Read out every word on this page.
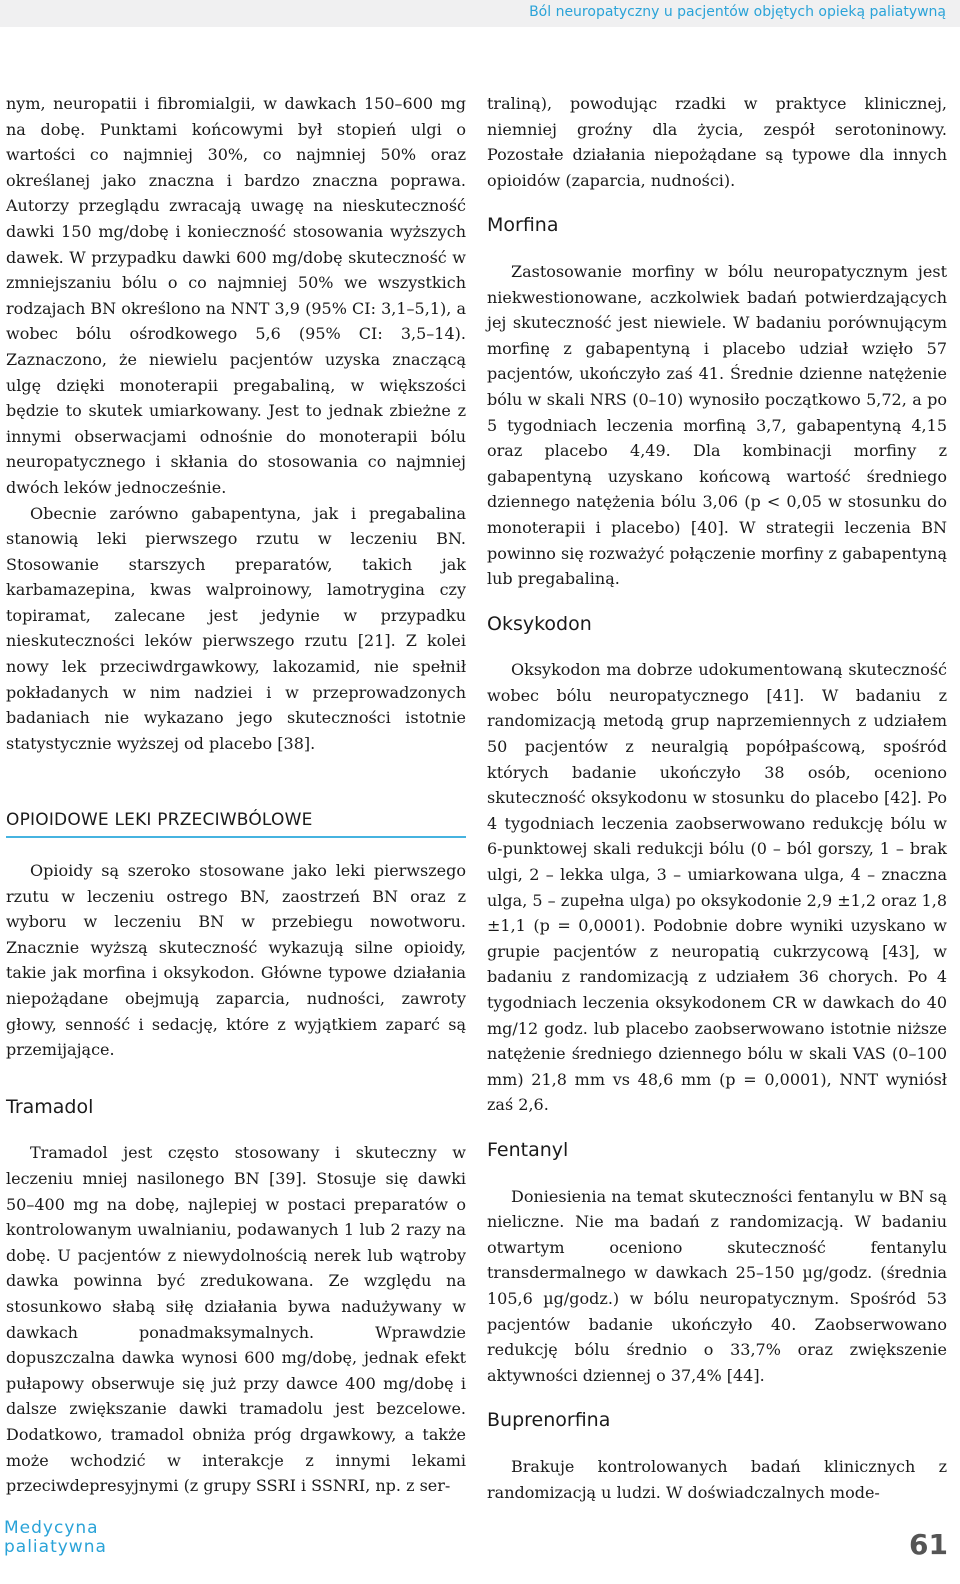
Ból neuropatyczny u pacjentów objętych opieką paliatywną

nym, neuropatii i fibromialgii, w dawkach 150–600 mg na dobę. Punktami końcowymi był stopień ulgi o wartości co najmniej 30%, co najmniej 50% oraz określanej jako znaczna i bardzo znaczna poprawa. Autorzy przeglądu zwracają uwagę na nieskuteczność dawki 150 mg/dobę i konieczność stosowania wyższych dawek. W przypadku dawki 600 mg/dobę skuteczność w zmniejszaniu bólu o co najmniej 50% we wszystkich rodzajach BN określono na NNT 3,9 (95% CI: 3,1–5,1), a wobec bólu ośrodkowego 5,6 (95% CI: 3,5–14). Zaznaczono, że niewielu pacjentów uzyska znaczącą ulgę dzięki monoterapii pregabaliną, w większości będzie to skutek umiarkowany. Jest to jednak zbieżne z innymi obserwacjami odnośnie do monoterapii bólu neuropatycznego i skłania do stosowania co najmniej dwóch leków jednocześnie.

Obecnie zarówno gabapentyna, jak i pregabalina stanowią leki pierwszego rzutu w leczeniu BN. Stosowanie starszych preparatów, takich jak karbamazepina, kwas walproinowy, lamotrygina czy topiramat, zalecane jest jedynie w przypadku nieskuteczności leków pierwszego rzutu [21]. Z kolei nowy lek przeciwdrgawkowy, lakozamid, nie spełnił pokładanych w nim nadziei i w przeprowadzonych badaniach nie wykazano jego skuteczności istotnie statystycznie wyższej od placebo [38].

OPIOIDOWE LEKI PRZECIWBÓLOWE

Opioidy są szeroko stosowane jako leki pierwszego rzutu w leczeniu ostrego BN, zaostrzeń BN oraz z wyboru w leczeniu BN w przebiegu nowotworu. Znacznie wyższą skuteczność wykazują silne opioidy, takie jak morfina i oksykodon. Główne typowe działania niepożądane obejmują zaparcia, nudności, zawroty głowy, senność i sedację, które z wyjątkiem zaparć są przemijające.

Tramadol

Tramadol jest często stosowany i skuteczny w leczeniu mniej nasilonego BN [39]. Stosuje się dawki 50–400 mg na dobę, najlepiej w postaci preparatów o kontrolowanym uwalnianiu, podawanych 1 lub 2 razy na dobę. U pacjentów z niewydolnością nerek lub wątroby dawka powinna być zredukowana. Ze względu na stosunkowo słabą siłę działania bywa nadużywany w dawkach ponadmaksymalnych. Wprawdzie dopuszczalna dawka wynosi 600 mg/dobę, jednak efekt pułapowy obserwuje się już przy dawce 400 mg/dobę i dalsze zwiększanie dawki tramadolu jest bezcelowe. Dodatkowo, tramadol obniża próg drgawkowy, a także może wchodzić w interakcje z innymi lekami przeciwdepresyjnymi (z grupy SSRI i SSNRI, np. z ser-

traliną), powodując rzadki w praktyce klinicznej, niemniej groźny dla życia, zespół serotoninowy. Pozostałe działania niepożądane są typowe dla innych opioidów (zaparcia, nudności).

Morfina

Zastosowanie morfiny w bólu neuropatycznym jest niekwestionowane, aczkolwiek badań potwierdzających jej skuteczność jest niewiele. W badaniu porównującym morfinę z gabapentyną i placebo udział wzięło 57 pacjentów, ukończyło zaś 41. Średnie dzienne natężenie bólu w skali NRS (0–10) wynosiło początkowo 5,72, a po 5 tygodniach leczenia morfiną 3,7, gabapentyną 4,15 oraz placebo 4,49. Dla kombinacji morfiny z gabapentyną uzyskano końcową wartość średniego dziennego natężenia bólu 3,06 (p < 0,05 w stosunku do monoterapii i placebo) [40]. W strategii leczenia BN powinno się rozważyć połączenie morfiny z gabapentyną lub pregabaliną.

Oksykodon

Oksykodon ma dobrze udokumentowaną skuteczność wobec bólu neuropatycznego [41]. W badaniu z randomizacją metodą grup naprzemiennych z udziałem 50 pacjentów z neuralgią popółpaścową, spośród których badanie ukończyło 38 osób, oceniono skuteczność oksykodonu w stosunku do placebo [42]. Po 4 tygodniach leczenia zaobserwowano redukcję bólu w 6-punktowej skali redukcji bólu (0 – ból gorszy, 1 – brak ulgi, 2 – lekka ulga, 3 – umiarkowana ulga, 4 – znaczna ulga, 5 – zupełna ulga) po oksykodonie 2,9 ±1,2 oraz 1,8 ±1,1 (p = 0,0001). Podobnie dobre wyniki uzyskano w grupie pacjentów z neuropatią cukrzycową [43], w badaniu z randomizacją z udziałem 36 chorych. Po 4 tygodniach leczenia oksykodonem CR w dawkach do 40 mg/12 godz. lub placebo zaobserwowano istotnie niższe natężenie średniego dziennego bólu w skali VAS (0–100 mm) 21,8 mm vs 48,6 mm (p = 0,0001), NNT wyniósł zaś 2,6.

Fentanyl

Doniesienia na temat skuteczności fentanylu w BN są nieliczne. Nie ma badań z randomizacją. W badaniu otwartym oceniono skuteczność fentanylu transdermalnego w dawkach 25–150 µg/godz. (średnia 105,6 µg/godz.) w bólu neuropatycznym. Spośród 53 pacjentów badanie ukończyło 40. Zaobserwowano redukcję bólu średnio o 33,7% oraz zwiększenie aktywności dziennej o 37,4% [44].

Buprenorfina

Brakuje kontrolowanych badań klinicznych z randomizacją u ludzi. W doświadczalnych mode-

Medycyna
paliatywna	61
